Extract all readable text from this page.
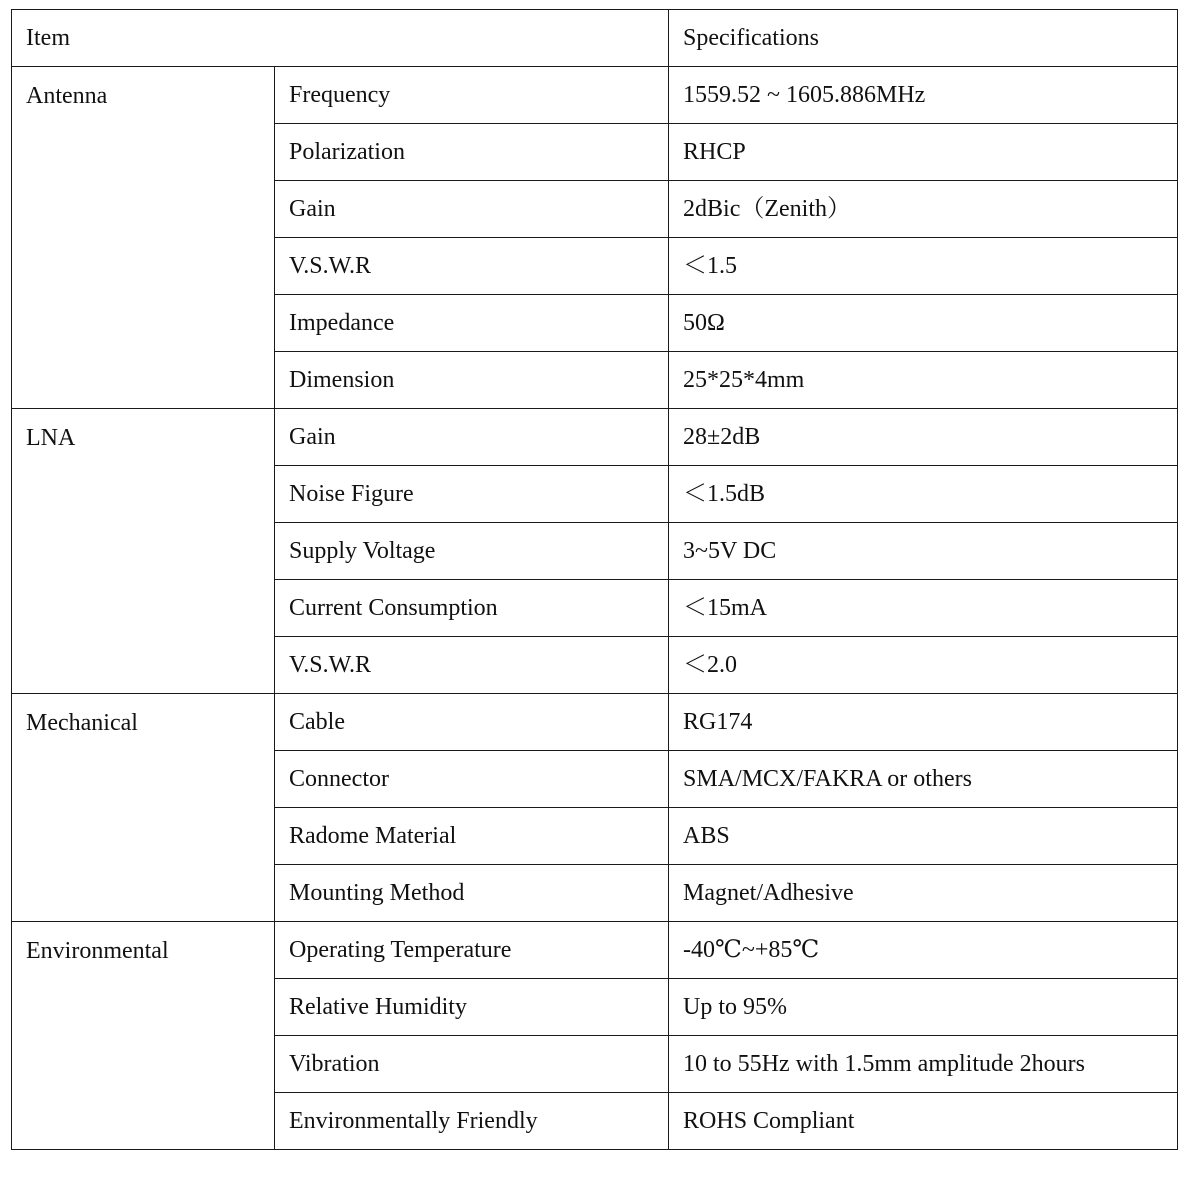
Item		Specifications
Antenna	Frequency	1559.52 ~ 1605.886MHz
	Polarization	RHCP
	Gain	2dBic（Zenith）
	V.S.W.R	＜1.5
	Impedance	50Ω
	Dimension	25*25*4mm
LNA	Gain	28±2dB
	Noise Figure	＜1.5dB
	Supply Voltage	3~5V DC
	Current Consumption	＜15mA
	V.S.W.R	＜2.0
Mechanical	Cable	RG174
	Connector	SMA/MCX/FAKRA or others
	Radome Material	ABS
	Mounting Method	Magnet/Adhesive
Environmental	Operating Temperature	-40℃~+85℃
	Relative Humidity	Up to 95%
	Vibration	10 to 55Hz with 1.5mm amplitude 2hours
	Environmentally Friendly	ROHS Compliant
